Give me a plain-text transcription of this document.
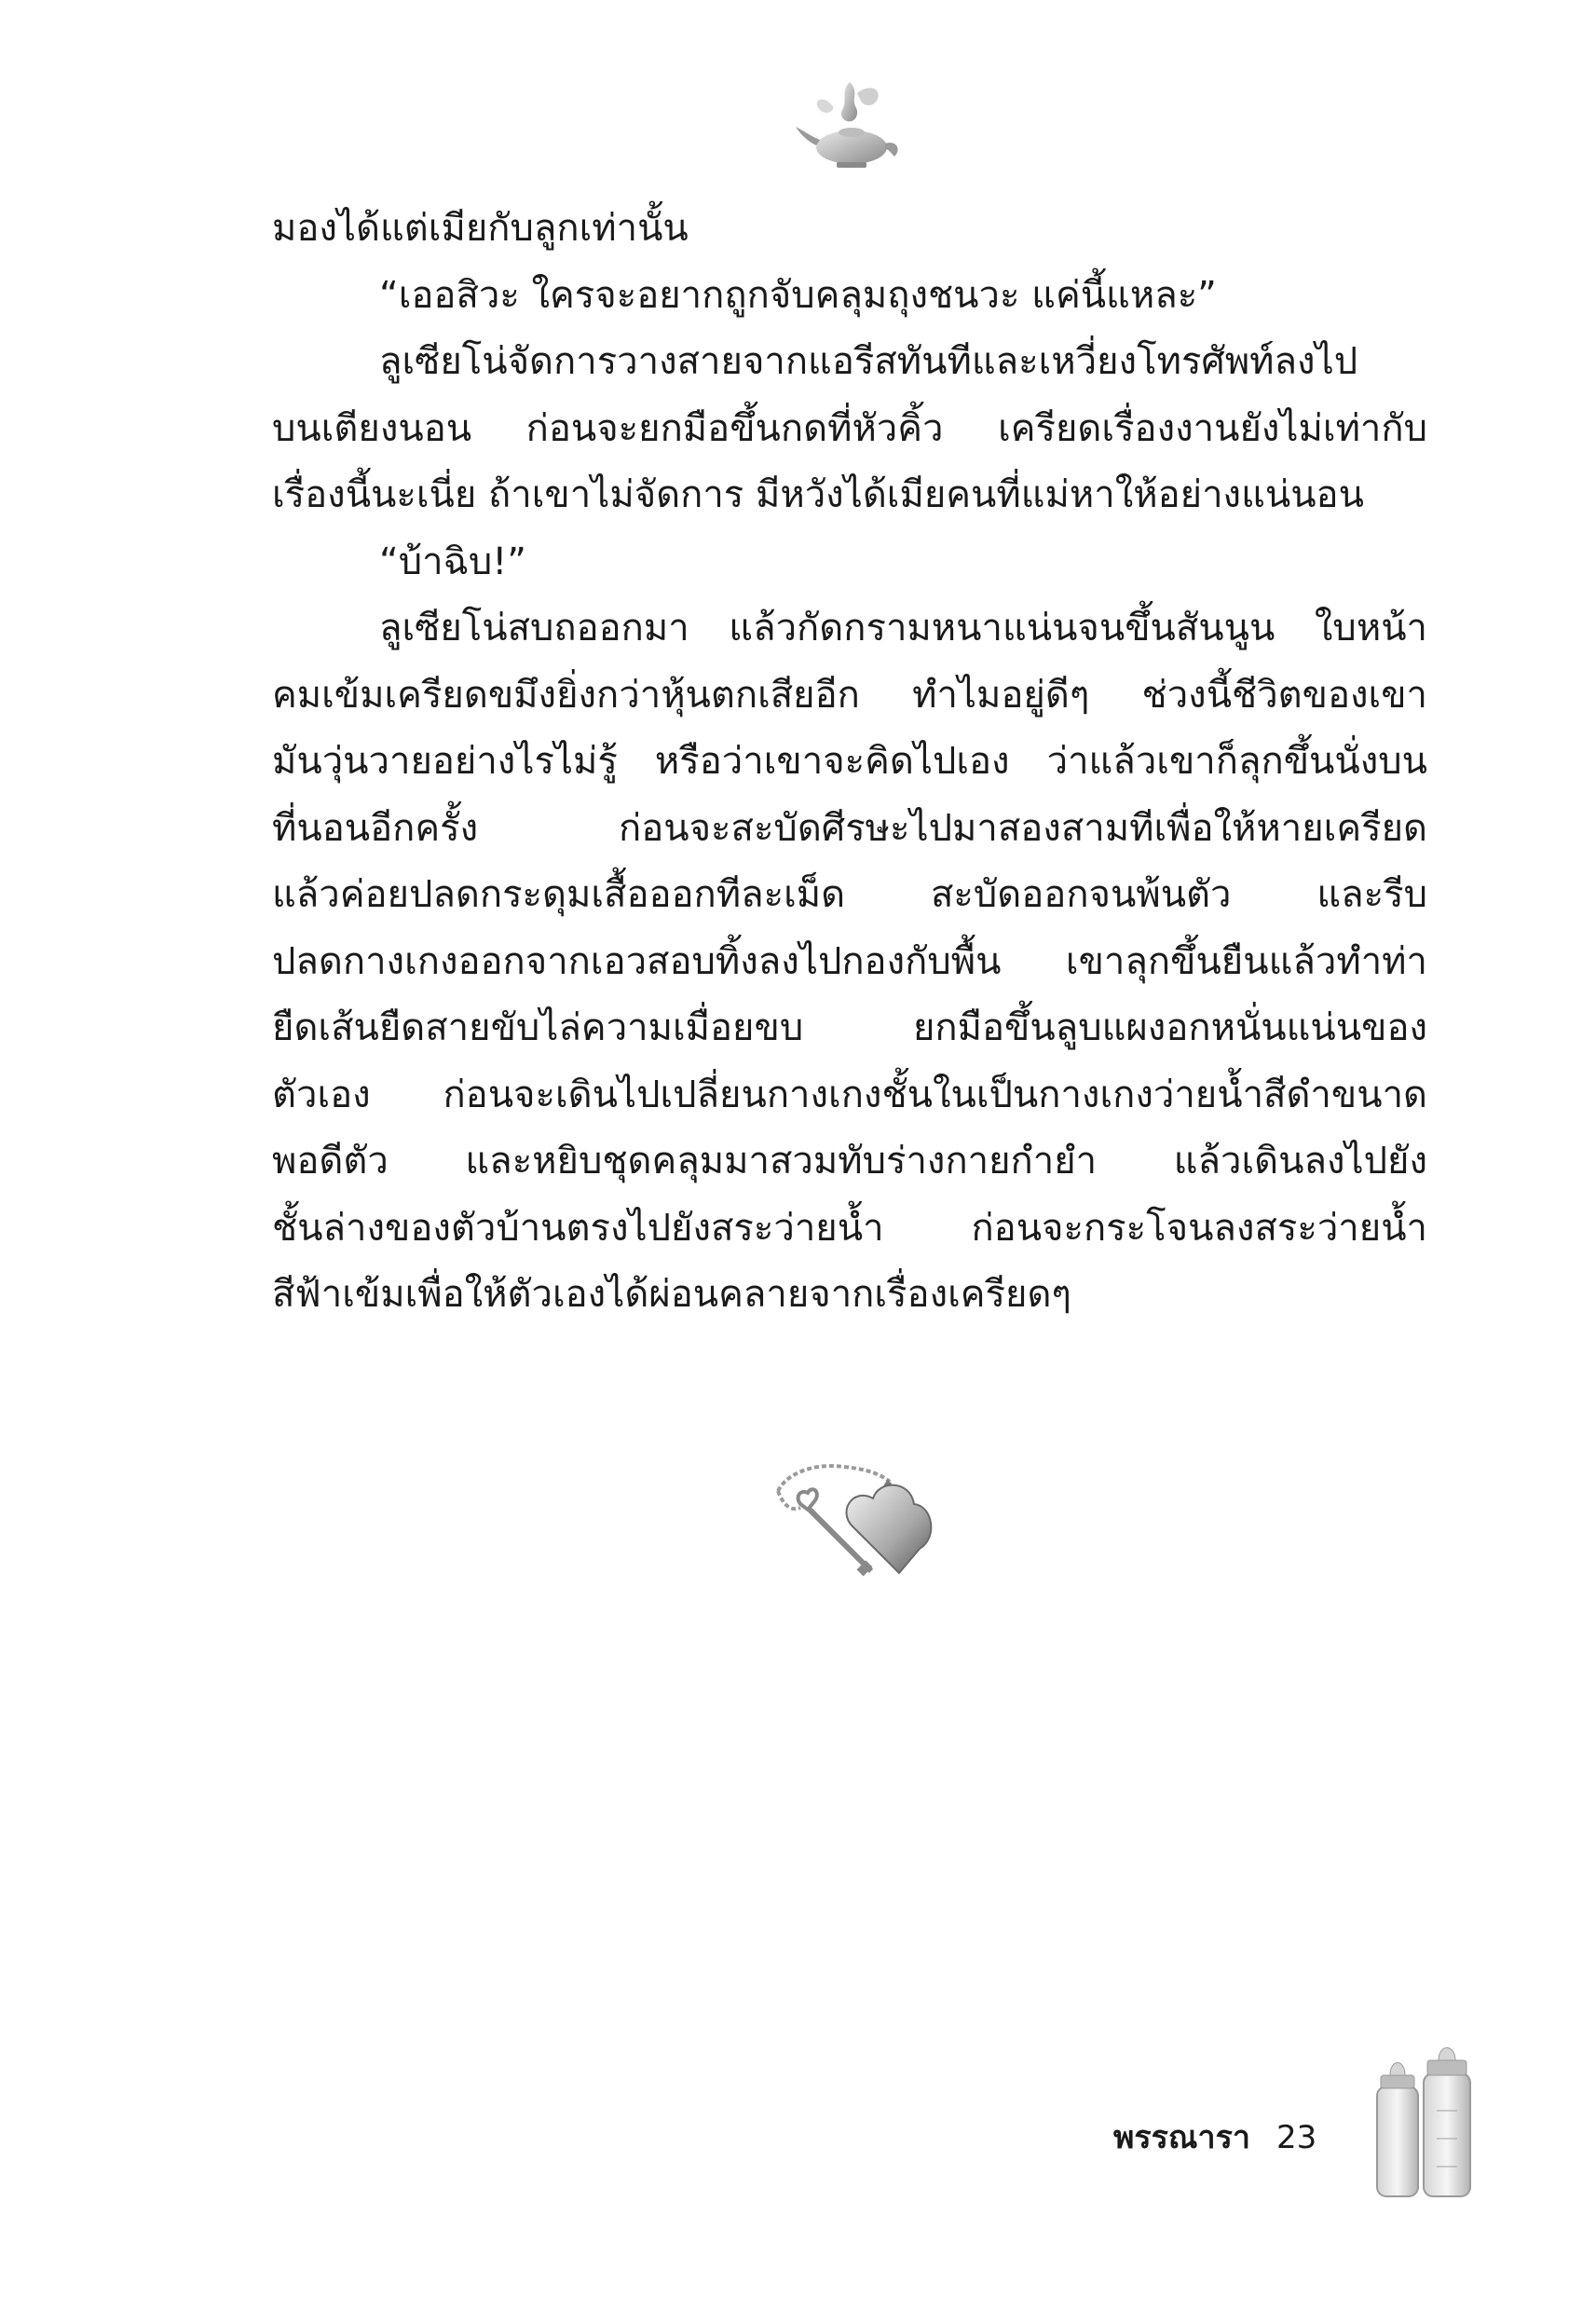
มองได้แต่เมียกับลูกเท่านั้น
“เออสิวะ ใครจะอยากถูกจับคลุมถุงชนวะ แค่นี้แหละ”
ลูเซียโน่จัดการวางสายจากแอรีสทันทีและเหวี่ยงโทรศัพท์ลงไป
บนเตียงนอน ก่อนจะยกมือขึ้นกดที่หัวคิ้ว เครียดเรื่องงานยังไม่เท่ากับ
เรื่องนี้นะเนี่ย ถ้าเขาไม่จัดการ มีหวังได้เมียคนที่แม่หาให้อย่างแน่นอน
“บ้าฉิบ!”
ลูเซียโน่สบถออกมา แล้วกัดกรามหนาแน่นจนขึ้นสันนูน ใบหน้า
คมเข้มเครียดขมึงยิ่งกว่าหุ้นตกเสียอีก ทำไมอยู่ดีๆ ช่วงนี้ชีวิตของเขา
มันวุ่นวายอย่างไรไม่รู้ หรือว่าเขาจะคิดไปเอง ว่าแล้วเขาก็ลุกขึ้นนั่งบน
ที่นอนอีกครั้ง ก่อนจะสะบัดศีรษะไปมาสองสามทีเพื่อให้หายเครียด
แล้วค่อยปลดกระดุมเสื้อออกทีละเม็ด สะบัดออกจนพ้นตัว และรีบ
ปลดกางเกงออกจากเอวสอบทิ้งลงไปกองกับพื้น เขาลุกขึ้นยืนแล้วทำท่า
ยืดเส้นยืดสายขับไล่ความเมื่อยขบ ยกมือขึ้นลูบแผงอกหนั่นแน่นของ
ตัวเอง ก่อนจะเดินไปเปลี่ยนกางเกงชั้นในเป็นกางเกงว่ายน้ำสีดำขนาด
พอดีตัว และหยิบชุดคลุมมาสวมทับร่างกายกำยำ แล้วเดินลงไปยัง
ชั้นล่างของตัวบ้านตรงไปยังสระว่ายน้ำ ก่อนจะกระโจนลงสระว่ายน้ำ
สีฟ้าเข้มเพื่อให้ตัวเองได้ผ่อนคลายจากเรื่องเครียดๆ
พรรณารา 23
